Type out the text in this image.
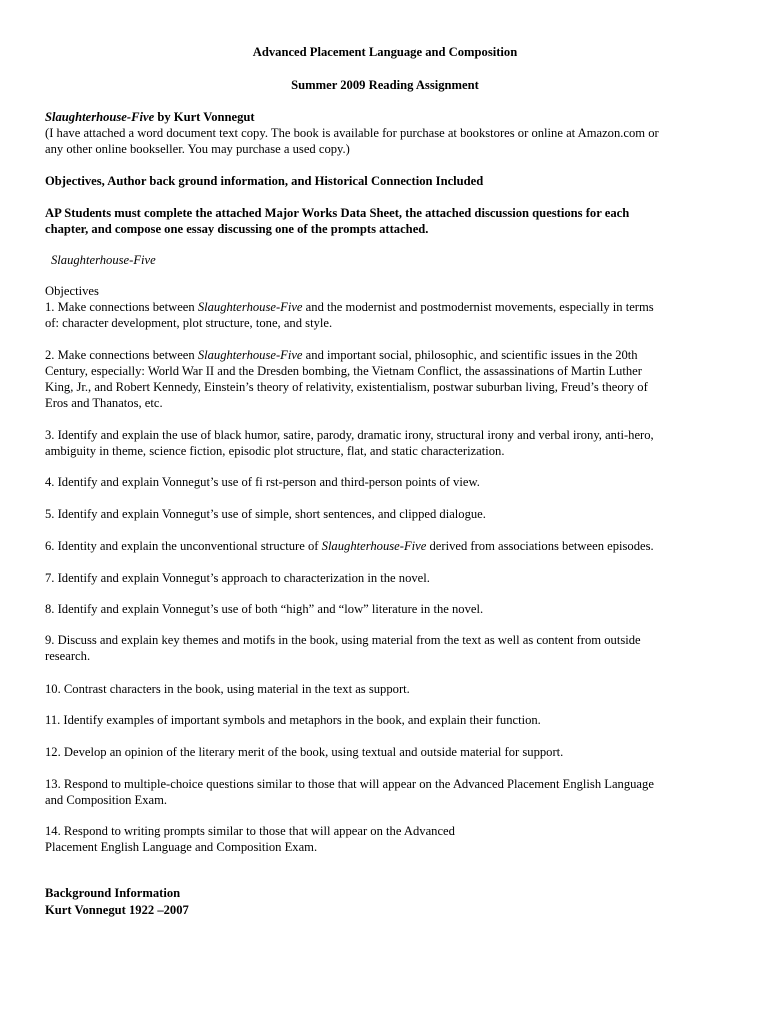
Advanced Placement Language and Composition
Summer 2009 Reading Assignment
Slaughterhouse-Five by Kurt Vonnegut
(I have attached a word document text copy. The book is available for purchase at bookstores or online at Amazon.com or
any other online bookseller. You may purchase a used copy.)
Objectives, Author back ground information, and Historical Connection Included
AP Students must complete the attached Major Works Data Sheet, the attached discussion questions for each
chapter, and compose one essay discussing one of the prompts attached.
Slaughterhouse-Five
Objectives
1. Make connections between Slaughterhouse-Five and the modernist and postmodernist movements, especially in terms
of: character development, plot structure, tone, and style.
2. Make connections between Slaughterhouse-Five and important social, philosophic, and scientific issues in the 20th
Century, especially: World War II and the Dresden bombing, the Vietnam Conflict, the assassinations of Martin Luther
King, Jr., and Robert Kennedy, Einstein’s theory of relativity, existentialism, postwar suburban living, Freud’s theory of
Eros and Thanatos, etc.
3. Identify and explain the use of black humor, satire, parody, dramatic irony, structural irony and verbal irony, anti-hero,
ambiguity in theme, science fiction, episodic plot structure, flat, and static characterization.
4. Identify and explain Vonnegut’s use of fi rst-person and third-person points of view.
5. Identify and explain Vonnegut’s use of simple, short sentences, and clipped dialogue.
6. Identity and explain the unconventional structure of Slaughterhouse-Five derived from associations between episodes.
7. Identify and explain Vonnegut’s approach to characterization in the novel.
8. Identify and explain Vonnegut’s use of both “high” and “low” literature in the novel.
9. Discuss and explain key themes and motifs in the book, using material from the text as well as content from outside
research.
10. Contrast characters in the book, using material in the text as support.
11. Identify examples of important symbols and metaphors in the book, and explain their function.
12. Develop an opinion of the literary merit of the book, using textual and outside material for support.
13. Respond to multiple-choice questions similar to those that will appear on the Advanced Placement English Language
and Composition Exam.
14. Respond to writing prompts similar to those that will appear on the Advanced
Placement English Language and Composition Exam.
Background Information
Kurt Vonnegut 1922 –2007
